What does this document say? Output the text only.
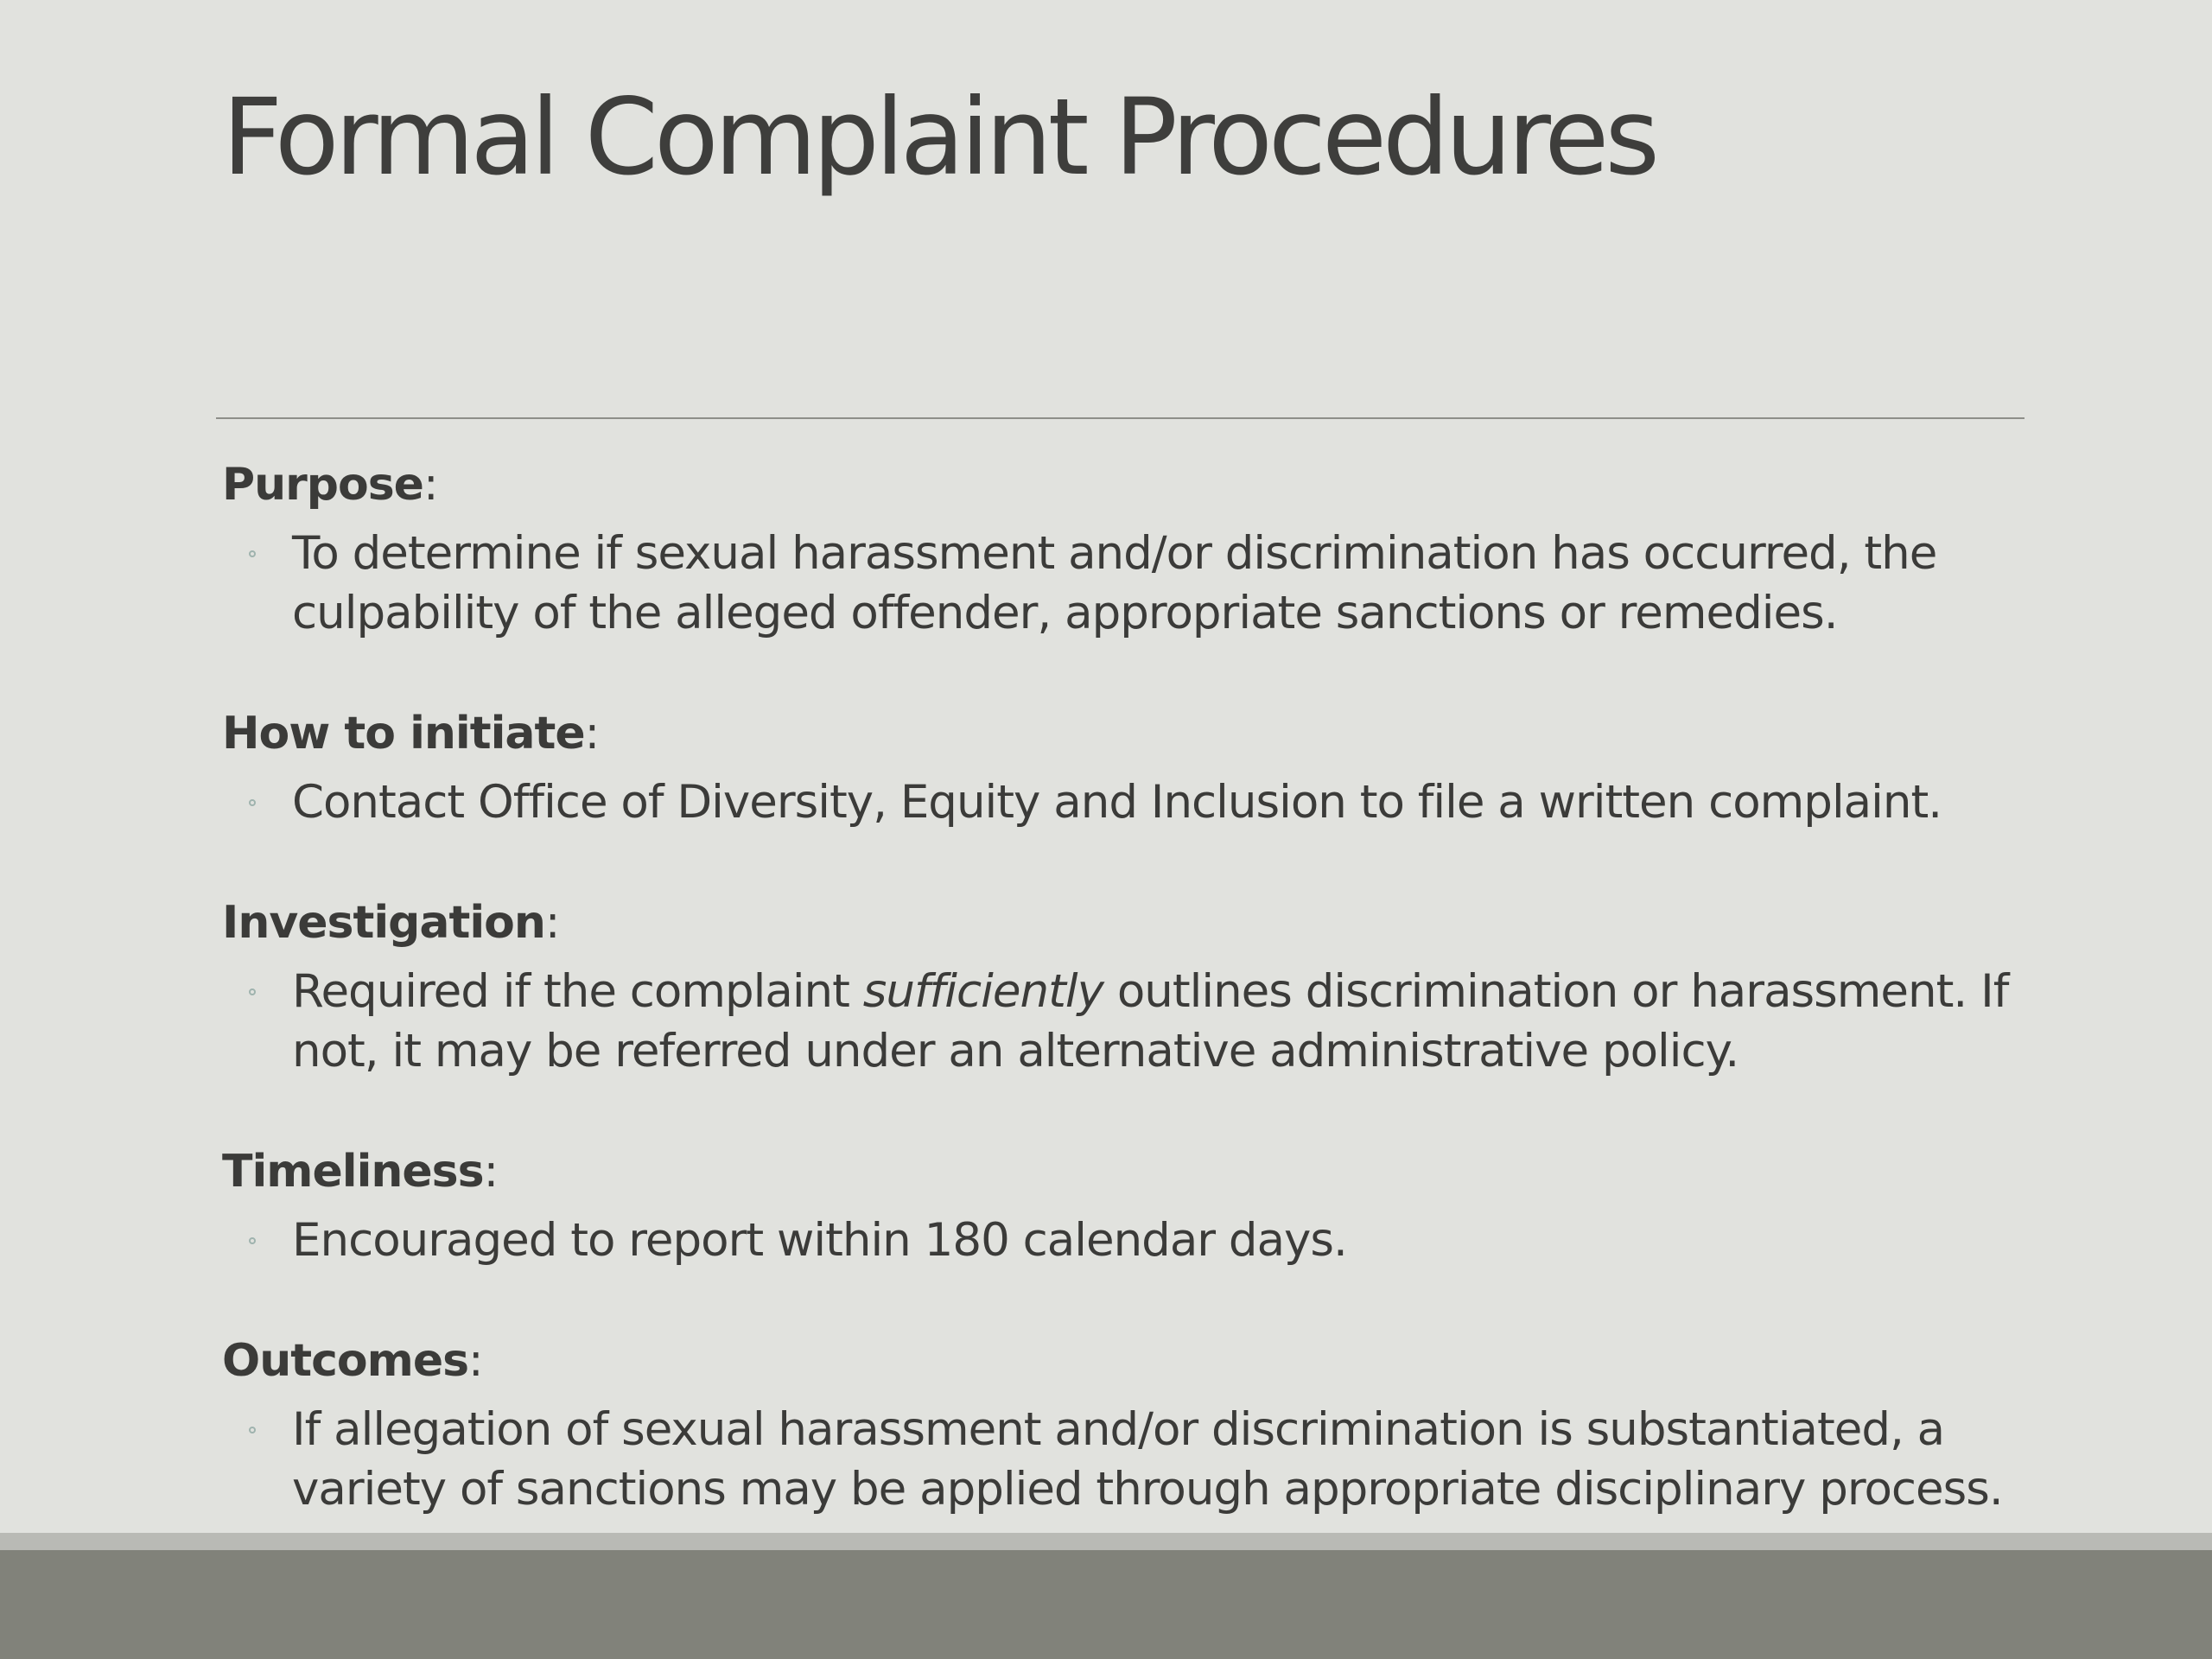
Formal Complaint Procedures
Purpose:
To determine if sexual harassment and/or discrimination has occurred, the culpability of the alleged offender, appropriate sanctions or remedies.
How to initiate:
Contact Office of Diversity, Equity and Inclusion to file a written complaint.
Investigation:
Required if the complaint sufficiently outlines discrimination or harassment. If not, it may be referred under an alternative administrative policy.
Timeliness:
Encouraged to report within 180 calendar days.
Outcomes:
If allegation of sexual harassment and/or discrimination is substantiated, a variety of sanctions may be applied through appropriate disciplinary process.
